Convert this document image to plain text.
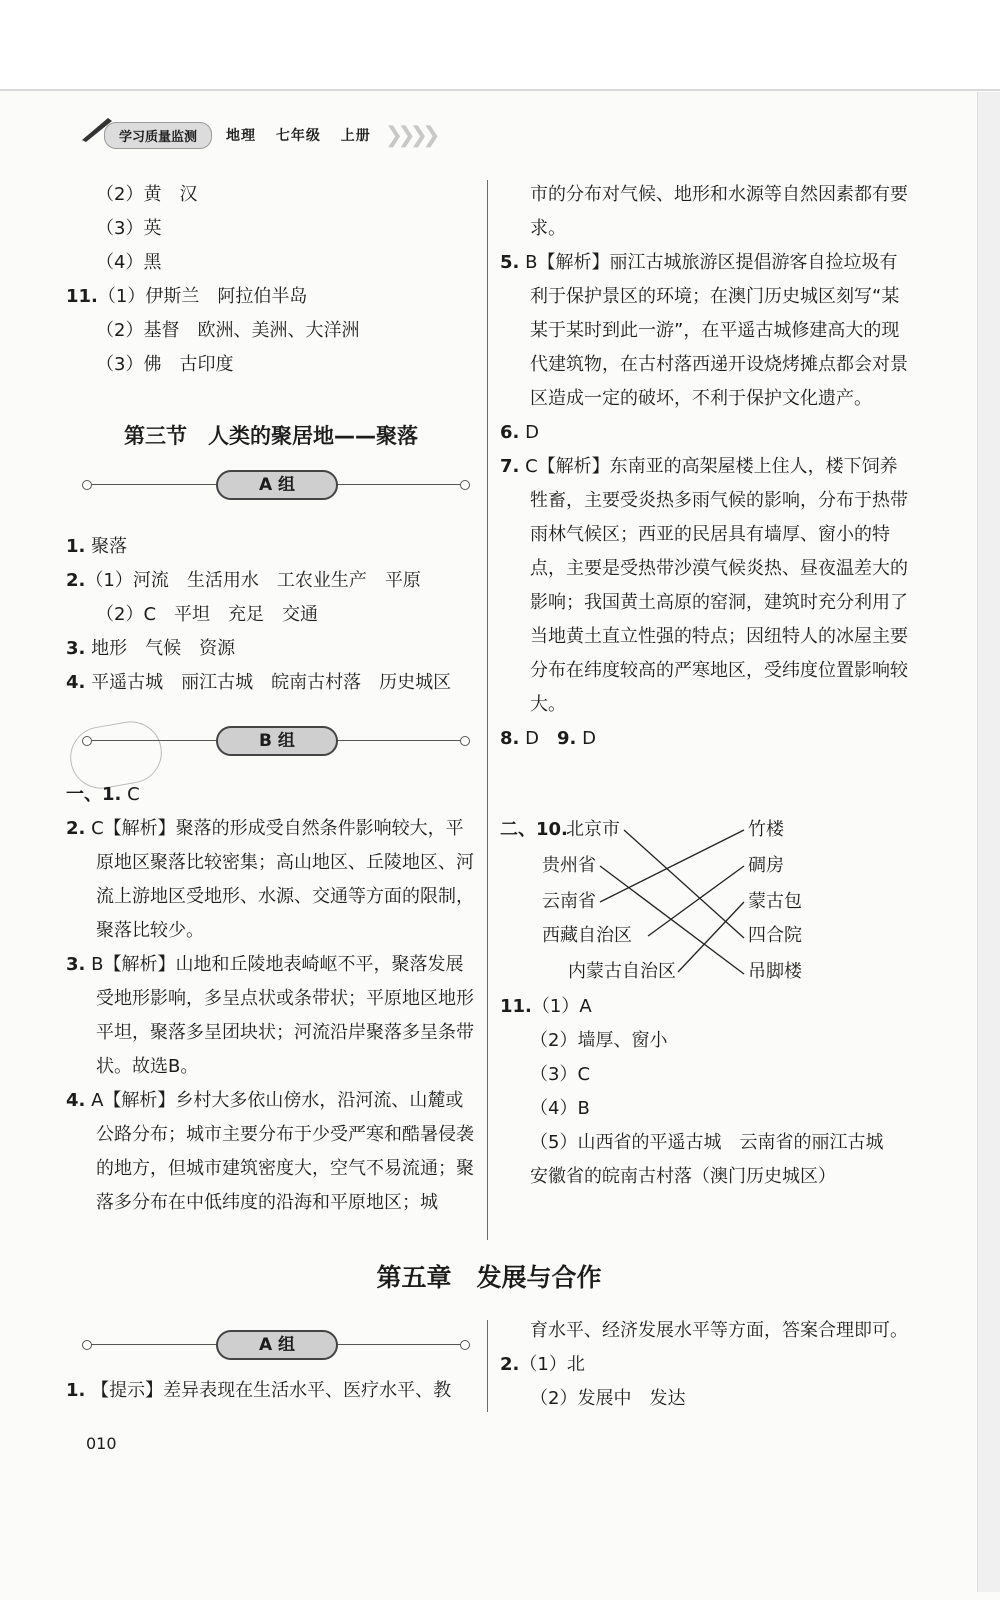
学习质量监测	地理 七年级 上册 ❯❯❯❯

（2）黄　汉

（3）英

（4）黑

11.（1）伊斯兰　阿拉伯半岛

（2）基督　欧洲、美洲、大洋洲

（3）佛　古印度

第三节　人类的聚居地——聚落
A 组

1. 聚落

2.（1）河流　生活用水　工农业生产　平原

（2）C　平坦　充足　交通

3. 地形　气候　资源

4. 平遥古城　丽江古城　皖南古村落　历史城区

B 组

一、1. C

2. C【解析】聚落的形成受自然条件影响较大，平原地区聚落比较密集；高山地区、丘陵地区、河流上游地区受地形、水源、交通等方面的限制，聚落比较少。

3. B【解析】山地和丘陵地表崎岖不平，聚落发展受地形影响，多呈点状或条带状；平原地区地形平坦，聚落多呈团块状；河流沿岸聚落多呈条带状。故选B。

4. A【解析】乡村大多依山傍水，沿河流、山麓或公路分布；城市主要分布于少受严寒和酷暑侵袭的地方，但城市建筑密度大，空气不易流通；聚落多分布在中低纬度的沿海和平原地区；城

市的分布对气候、地形和水源等自然因素都有要求。

5. B【解析】丽江古城旅游区提倡游客自捡垃圾有利于保护景区的环境；在澳门历史城区刻写“某某于某时到此一游”，在平遥古城修建高大的现代建筑物，在古村落西递开设烧烤摊点都会对景区造成一定的破坏，不利于保护文化遗产。

6. D

7. C【解析】东南亚的高架屋楼上住人，楼下饲养牲畜，主要受炎热多雨气候的影响，分布于热带雨林气候区；西亚的民居具有墙厚、窗小的特点，主要是受热带沙漠气候炎热、昼夜温差大的影响；我国黄土高原的窑洞，建筑时充分利用了当地黄土直立性强的特点；因纽特人的冰屋主要分布在纬度较高的严寒地区，受纬度位置影响较大。

8. D　 9. D

二、10.
北京市
贵州省
云南省
西藏自治区
内蒙古自治区
竹楼
碉房
蒙古包
四合院
吊脚楼

11.（1）A

（2）墙厚、窗小

（3）C

（4）B

（5）山西省的平遥古城　云南省的丽江古城　安徽省的皖南古村落（澳门历史城区）

第五章　发展与合作
A 组

1. 【提示】差异表现在生活水平、医疗水平、教

育水平、经济发展水平等方面，答案合理即可。

2.（1）北

（2）发展中　发达

010
